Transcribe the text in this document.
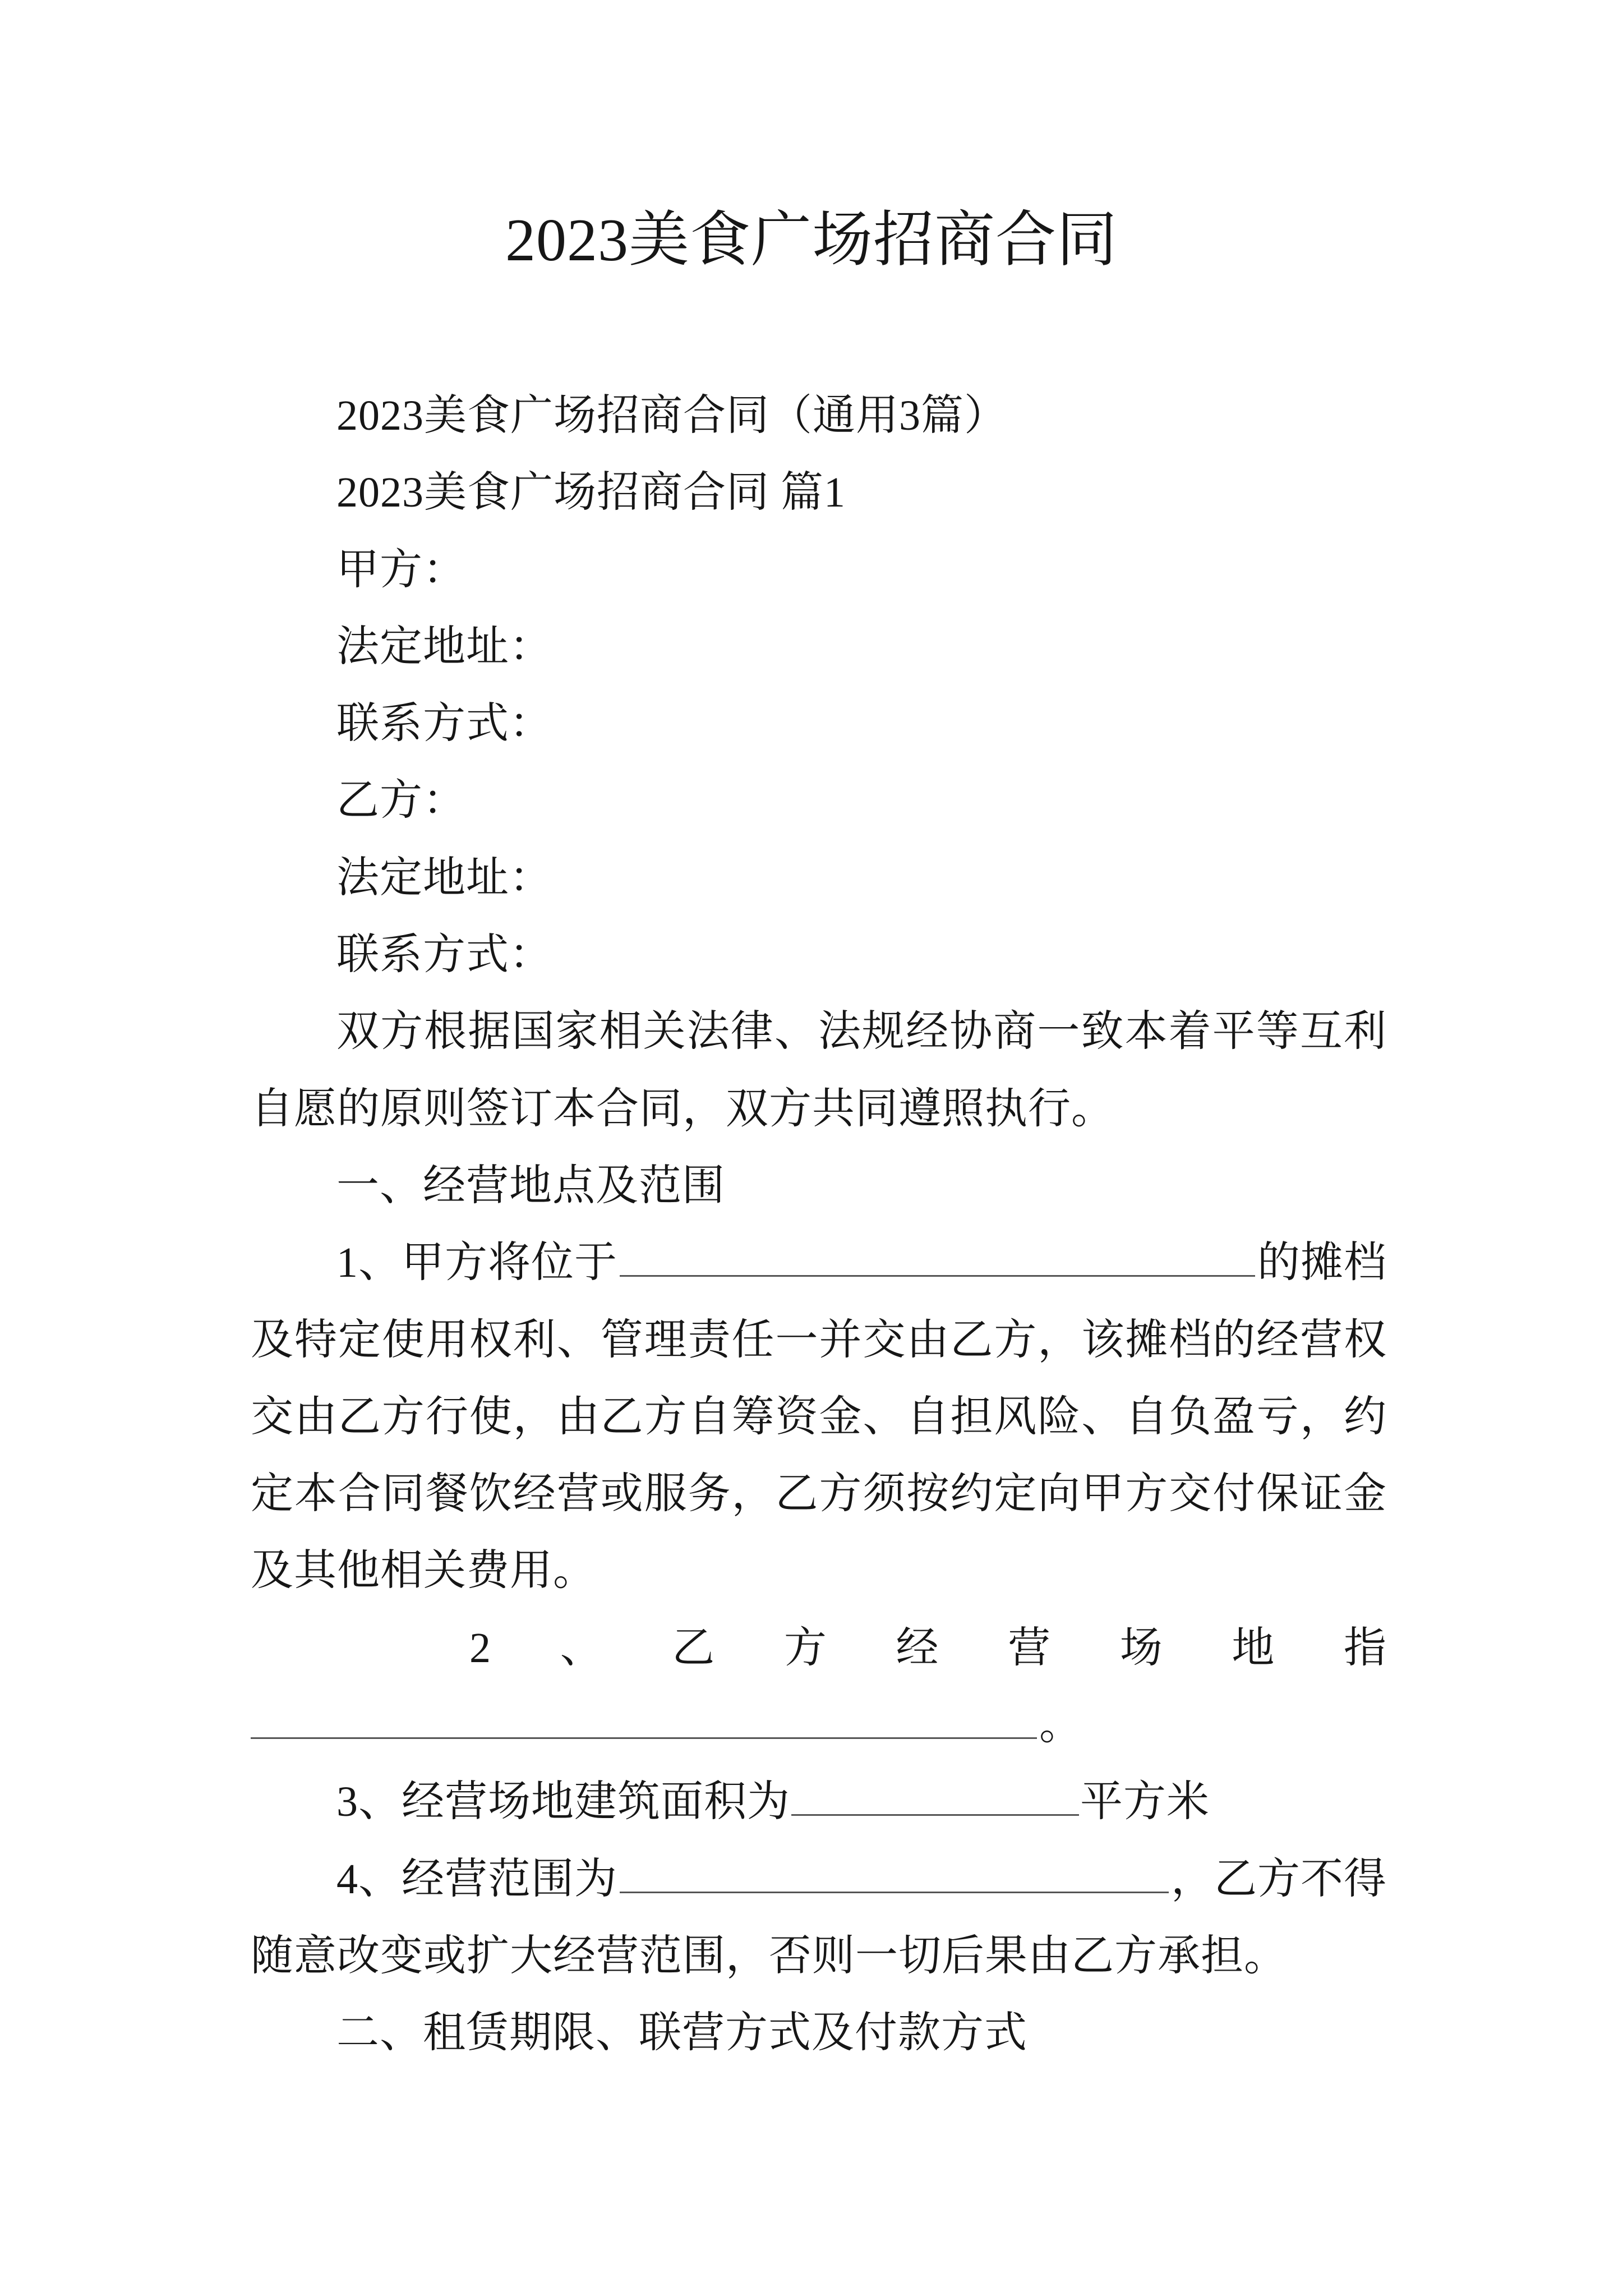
2023美食广场招商合同
2023美食广场招商合同（通用3篇）
2023美食广场招商合同 篇1
甲方：
法定地址：
联系方式：
乙方：
法定地址：
联系方式：
双方根据国家相关法律、法规经协商一致本着平等互利
自愿的原则签订本合同，双方共同遵照执行。
一、经营地点及范围
1、甲方将位于	的摊档
及特定使用权利、管理责任一并交由乙方，该摊档的经营权
交由乙方行使，由乙方自筹资金、自担风险、自负盈亏，约
定本合同餐饮经营或服务，乙方须按约定向甲方交付保证金
及其他相关费用。
2 、 乙 方 经 营 场 地 指
。
3、经营场地建筑面积为	平方米
4、经营范围为	，乙方不得
随意改变或扩大经营范围，否则一切后果由乙方承担。
二、租赁期限、联营方式及付款方式
